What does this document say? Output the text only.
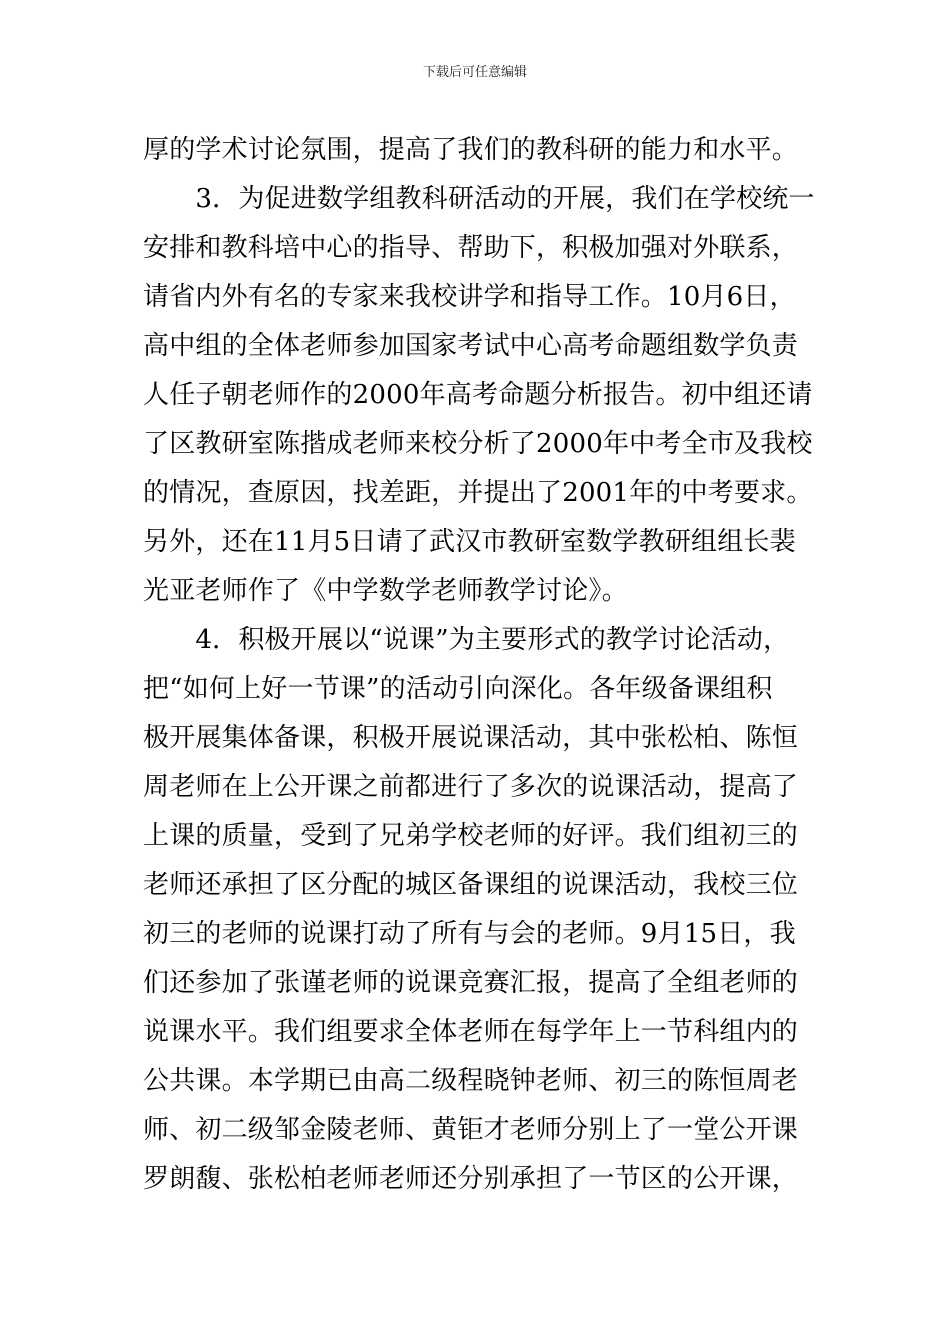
下载后可任意编辑
厚的学术讨论氛围，提高了我们的教科研的能力和水平。
　　3．为促进数学组教科研活动的开展，我们在学校统一
安排和教科培中心的指导、帮助下，积极加强对外联系，
请省内外有名的专家来我校讲学和指导工作。10月6日，
高中组的全体老师参加国家考试中心高考命题组数学负责
人任子朝老师作的2000年高考命题分析报告。初中组还请
了区教研室陈揩成老师来校分析了2000年中考全市及我校
的情况，查原因，找差距，并提出了2001年的中考要求。
另外，还在11月5日请了武汉市教研室数学教研组组长裴
光亚老师作了《中学数学老师教学讨论》。
　　4．积极开展以“说课”为主要形式的教学讨论活动，
把“如何上好一节课”的活动引向深化。各年级备课组积
极开展集体备课，积极开展说课活动，其中张松柏、陈恒
周老师在上公开课之前都进行了多次的说课活动，提高了
上课的质量，受到了兄弟学校老师的好评。我们组初三的
老师还承担了区分配的城区备课组的说课活动，我校三位
初三的老师的说课打动了所有与会的老师。9月15日，我
们还参加了张谨老师的说课竞赛汇报，提高了全组老师的
说课水平。我们组要求全体老师在每学年上一节科组内的
公共课。本学期已由高二级程晓钟老师、初三的陈恒周老
师、初二级邹金陵老师、黄钜才老师分别上了一堂公开课
罗朗馥、张松柏老师老师还分别承担了一节区的公开课，
